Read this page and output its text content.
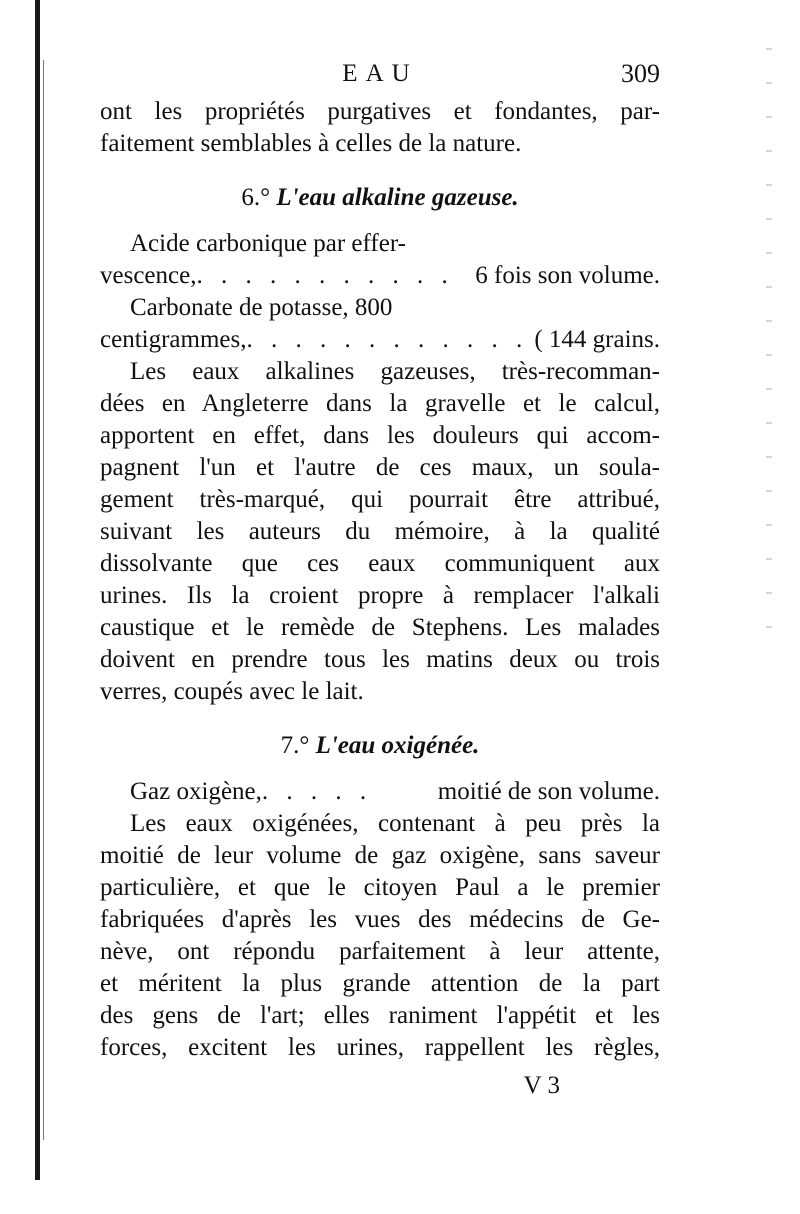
EAU	309
ont les propriétés purgatives et fondantes, par-
faitement semblables à celles de la nature.
6.° L'eau alkaline gazeuse.
Acide carbonique par effer-
vescence, . . . . . . . . . . . 6 fois son volume.
Carbonate de potasse, 800
centigrammes, . . . . . . . . . . . . ( 144 grains.
Les eaux alkalines gazeuses, très-recomman-
dées en Angleterre dans la gravelle et le calcul,
apportent en effet, dans les douleurs qui accom-
pagnent l'un et l'autre de ces maux, un soula-
gement très-marqué, qui pourrait être attribué,
suivant les auteurs du mémoire, à la qualité
dissolvante que ces eaux communiquent aux
urines. Ils la croient propre à remplacer l'alkali
caustique et le remède de Stephens. Les malades
doivent en prendre tous les matins deux ou trois
verres, coupés avec le lait.
7.° L'eau oxigénée.
Gaz oxigène, . . . . .	moitié de son volume.
Les eaux oxigénées, contenant à peu près la
moitié de leur volume de gaz oxigène, sans saveur
particulière, et que le citoyen Paul a le premier
fabriquées d'après les vues des médecins de Ge-
nève, ont répondu parfaitement à leur attente,
et méritent la plus grande attention de la part
des gens de l'art; elles raniment l'appétit et les
forces, excitent les urines, rappellent les règles,
V 3
